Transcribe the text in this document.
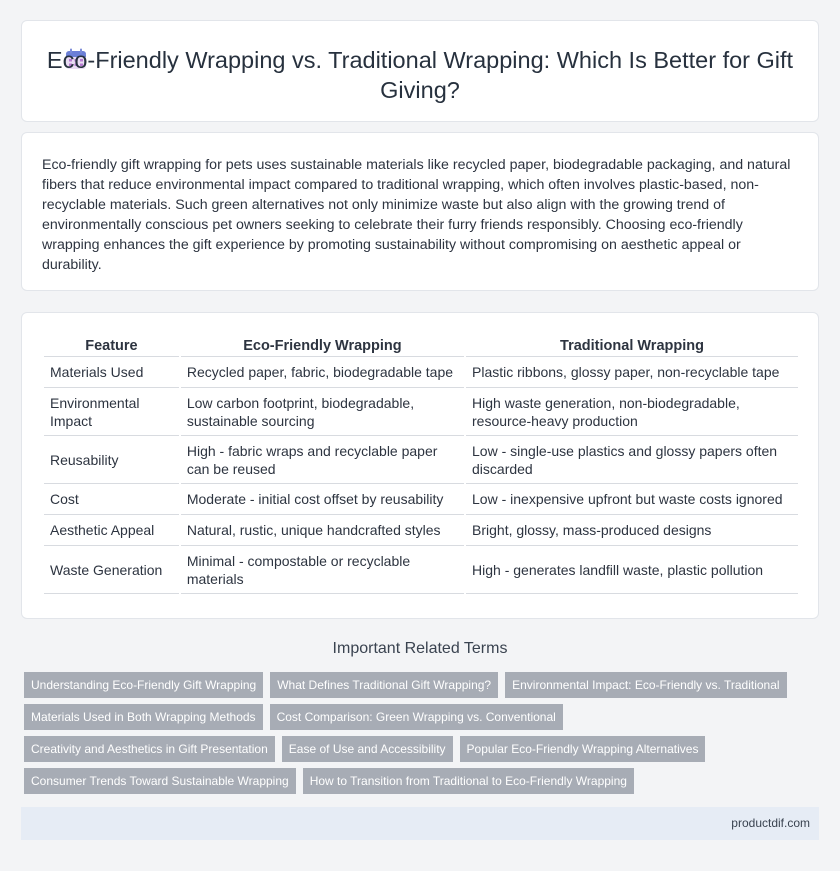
Eco-Friendly Wrapping vs. Traditional Wrapping: Which Is Better for Gift Giving?

Eco-friendly gift wrapping for pets uses sustainable materials like recycled paper, biodegradable packaging, and natural fibers that reduce environmental impact compared to traditional wrapping, which often involves plastic-based, non-recyclable materials. Such green alternatives not only minimize waste but also align with the growing trend of environmentally conscious pet owners seeking to celebrate their furry friends responsibly. Choosing eco-friendly wrapping enhances the gift experience by promoting sustainability without compromising on aesthetic appeal or durability.

Feature	Eco-Friendly Wrapping	Traditional Wrapping
Materials Used	Recycled paper, fabric, biodegradable tape	Plastic ribbons, glossy paper, non-recyclable tape
Environmental Impact	Low carbon footprint, biodegradable, sustainable sourcing	High waste generation, non-biodegradable, resource-heavy production
Reusability	High - fabric wraps and recyclable paper can be reused	Low - single-use plastics and glossy papers often discarded
Cost	Moderate - initial cost offset by reusability	Low - inexpensive upfront but waste costs ignored
Aesthetic Appeal	Natural, rustic, unique handcrafted styles	Bright, glossy, mass-produced designs
Waste Generation	Minimal - compostable or recyclable materials	High - generates landfill waste, plastic pollution
Important Related Terms
Understanding Eco-Friendly Gift Wrapping	What Defines Traditional Gift Wrapping?	Environmental Impact: Eco-Friendly vs. Traditional
Materials Used in Both Wrapping Methods	Cost Comparison: Green Wrapping vs. Conventional
Creativity and Aesthetics in Gift Presentation	Ease of Use and Accessibility	Popular Eco-Friendly Wrapping Alternatives
Consumer Trends Toward Sustainable Wrapping	How to Transition from Traditional to Eco-Friendly Wrapping
productdif.com
